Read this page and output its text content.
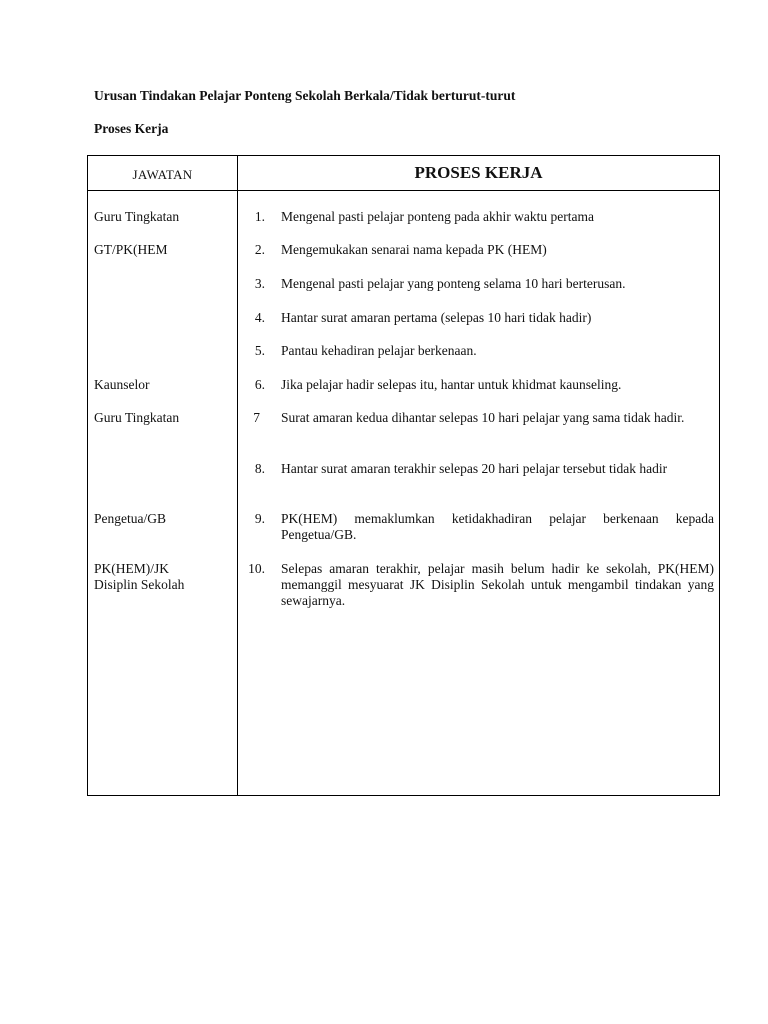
Urusan Tindakan Pelajar Ponteng Sekolah Berkala/Tidak berturut-turut
Proses Kerja
JAWATAN	PROSES KERJA
Guru Tingkatan
GT/PK(HEM
Kaunselor
Guru Tingkatan
Pengetua/GB
PK(HEM)/JK
Disiplin Sekolah
1. Mengenal pasti pelajar ponteng pada akhir waktu pertama
2. Mengemukakan senarai nama kepada PK (HEM)
3. Mengenal pasti pelajar yang ponteng selama 10 hari berterusan.
4. Hantar surat amaran pertama (selepas 10 hari tidak hadir)
5. Pantau kehadiran pelajar berkenaan.
6. Jika pelajar hadir selepas itu, hantar untuk khidmat kaunseling.
7 Surat amaran kedua dihantar selepas 10 hari pelajar yang sama tidak hadir.
8. Hantar surat amaran terakhir selepas 20 hari pelajar tersebut tidak hadir
9. PK(HEM) memaklumkan ketidakhadiran pelajar berkenaan kepada Pengetua/GB.
10. Selepas amaran terakhir, pelajar masih belum hadir ke sekolah, PK(HEM) memanggil mesyuarat JK Disiplin Sekolah untuk mengambil tindakan yang sewajarnya.
